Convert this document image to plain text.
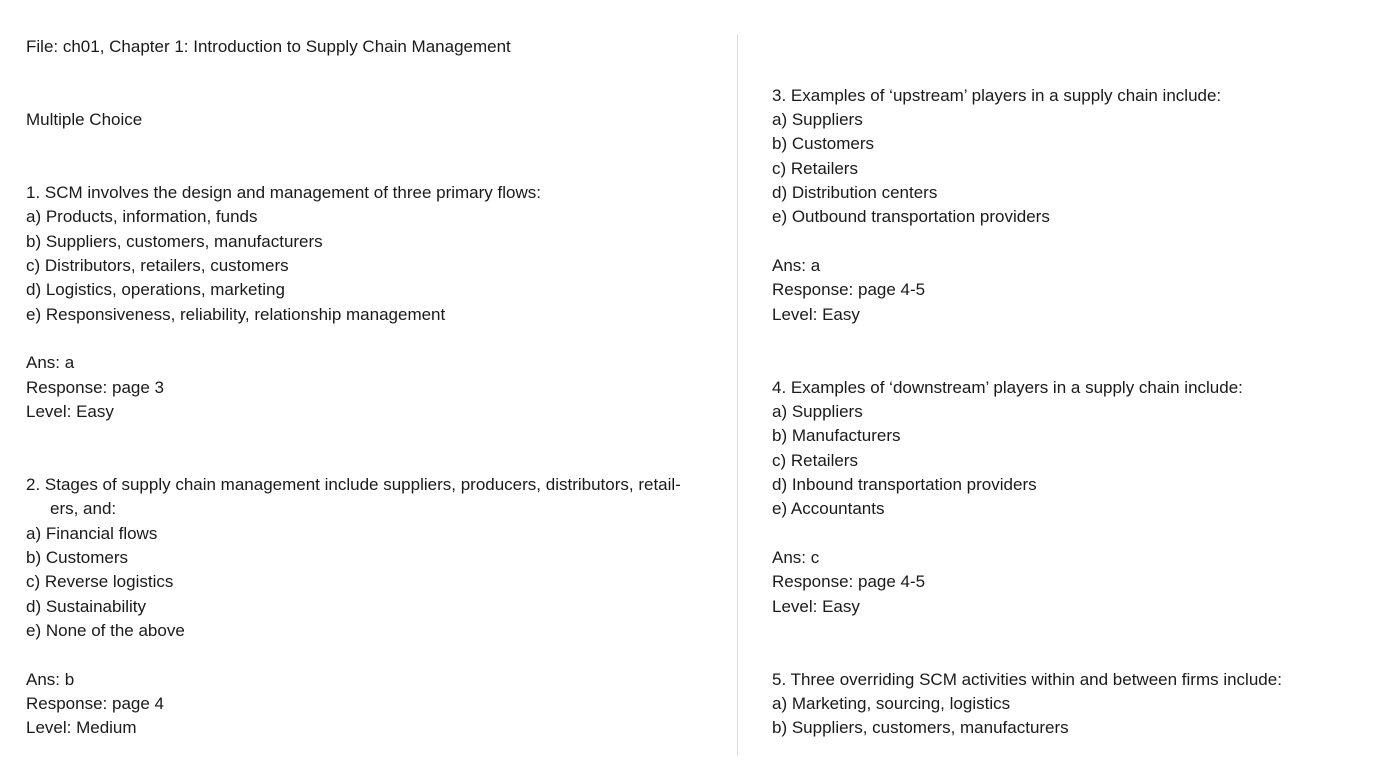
File: ch01, Chapter 1: Introduction to Supply Chain Management
Multiple Choice
1. SCM involves the design and management of three primary flows:
a) Products, information, funds
b) Suppliers, customers, manufacturers
c) Distributors, retailers, customers
d) Logistics, operations, marketing
e) Responsiveness, reliability, relationship management
Ans: a
Response: page 3
Level: Easy
2. Stages of supply chain management include suppliers, producers, distributors, retail-
ers, and:
a) Financial flows
b) Customers
c) Reverse logistics
d) Sustainability
e) None of the above
Ans: b
Response: page 4
Level: Medium
3. Examples of ‘upstream’ players in a supply chain include:
a) Suppliers
b) Customers
c) Retailers
d) Distribution centers
e) Outbound transportation providers
Ans: a
Response: page 4-5
Level: Easy
4. Examples of ‘downstream’ players in a supply chain include:
a) Suppliers
b) Manufacturers
c) Retailers
d) Inbound transportation providers
e) Accountants
Ans: c
Response: page 4-5
Level: Easy
5. Three overriding SCM activities within and between firms include:
a) Marketing, sourcing, logistics
b) Suppliers, customers, manufacturers
